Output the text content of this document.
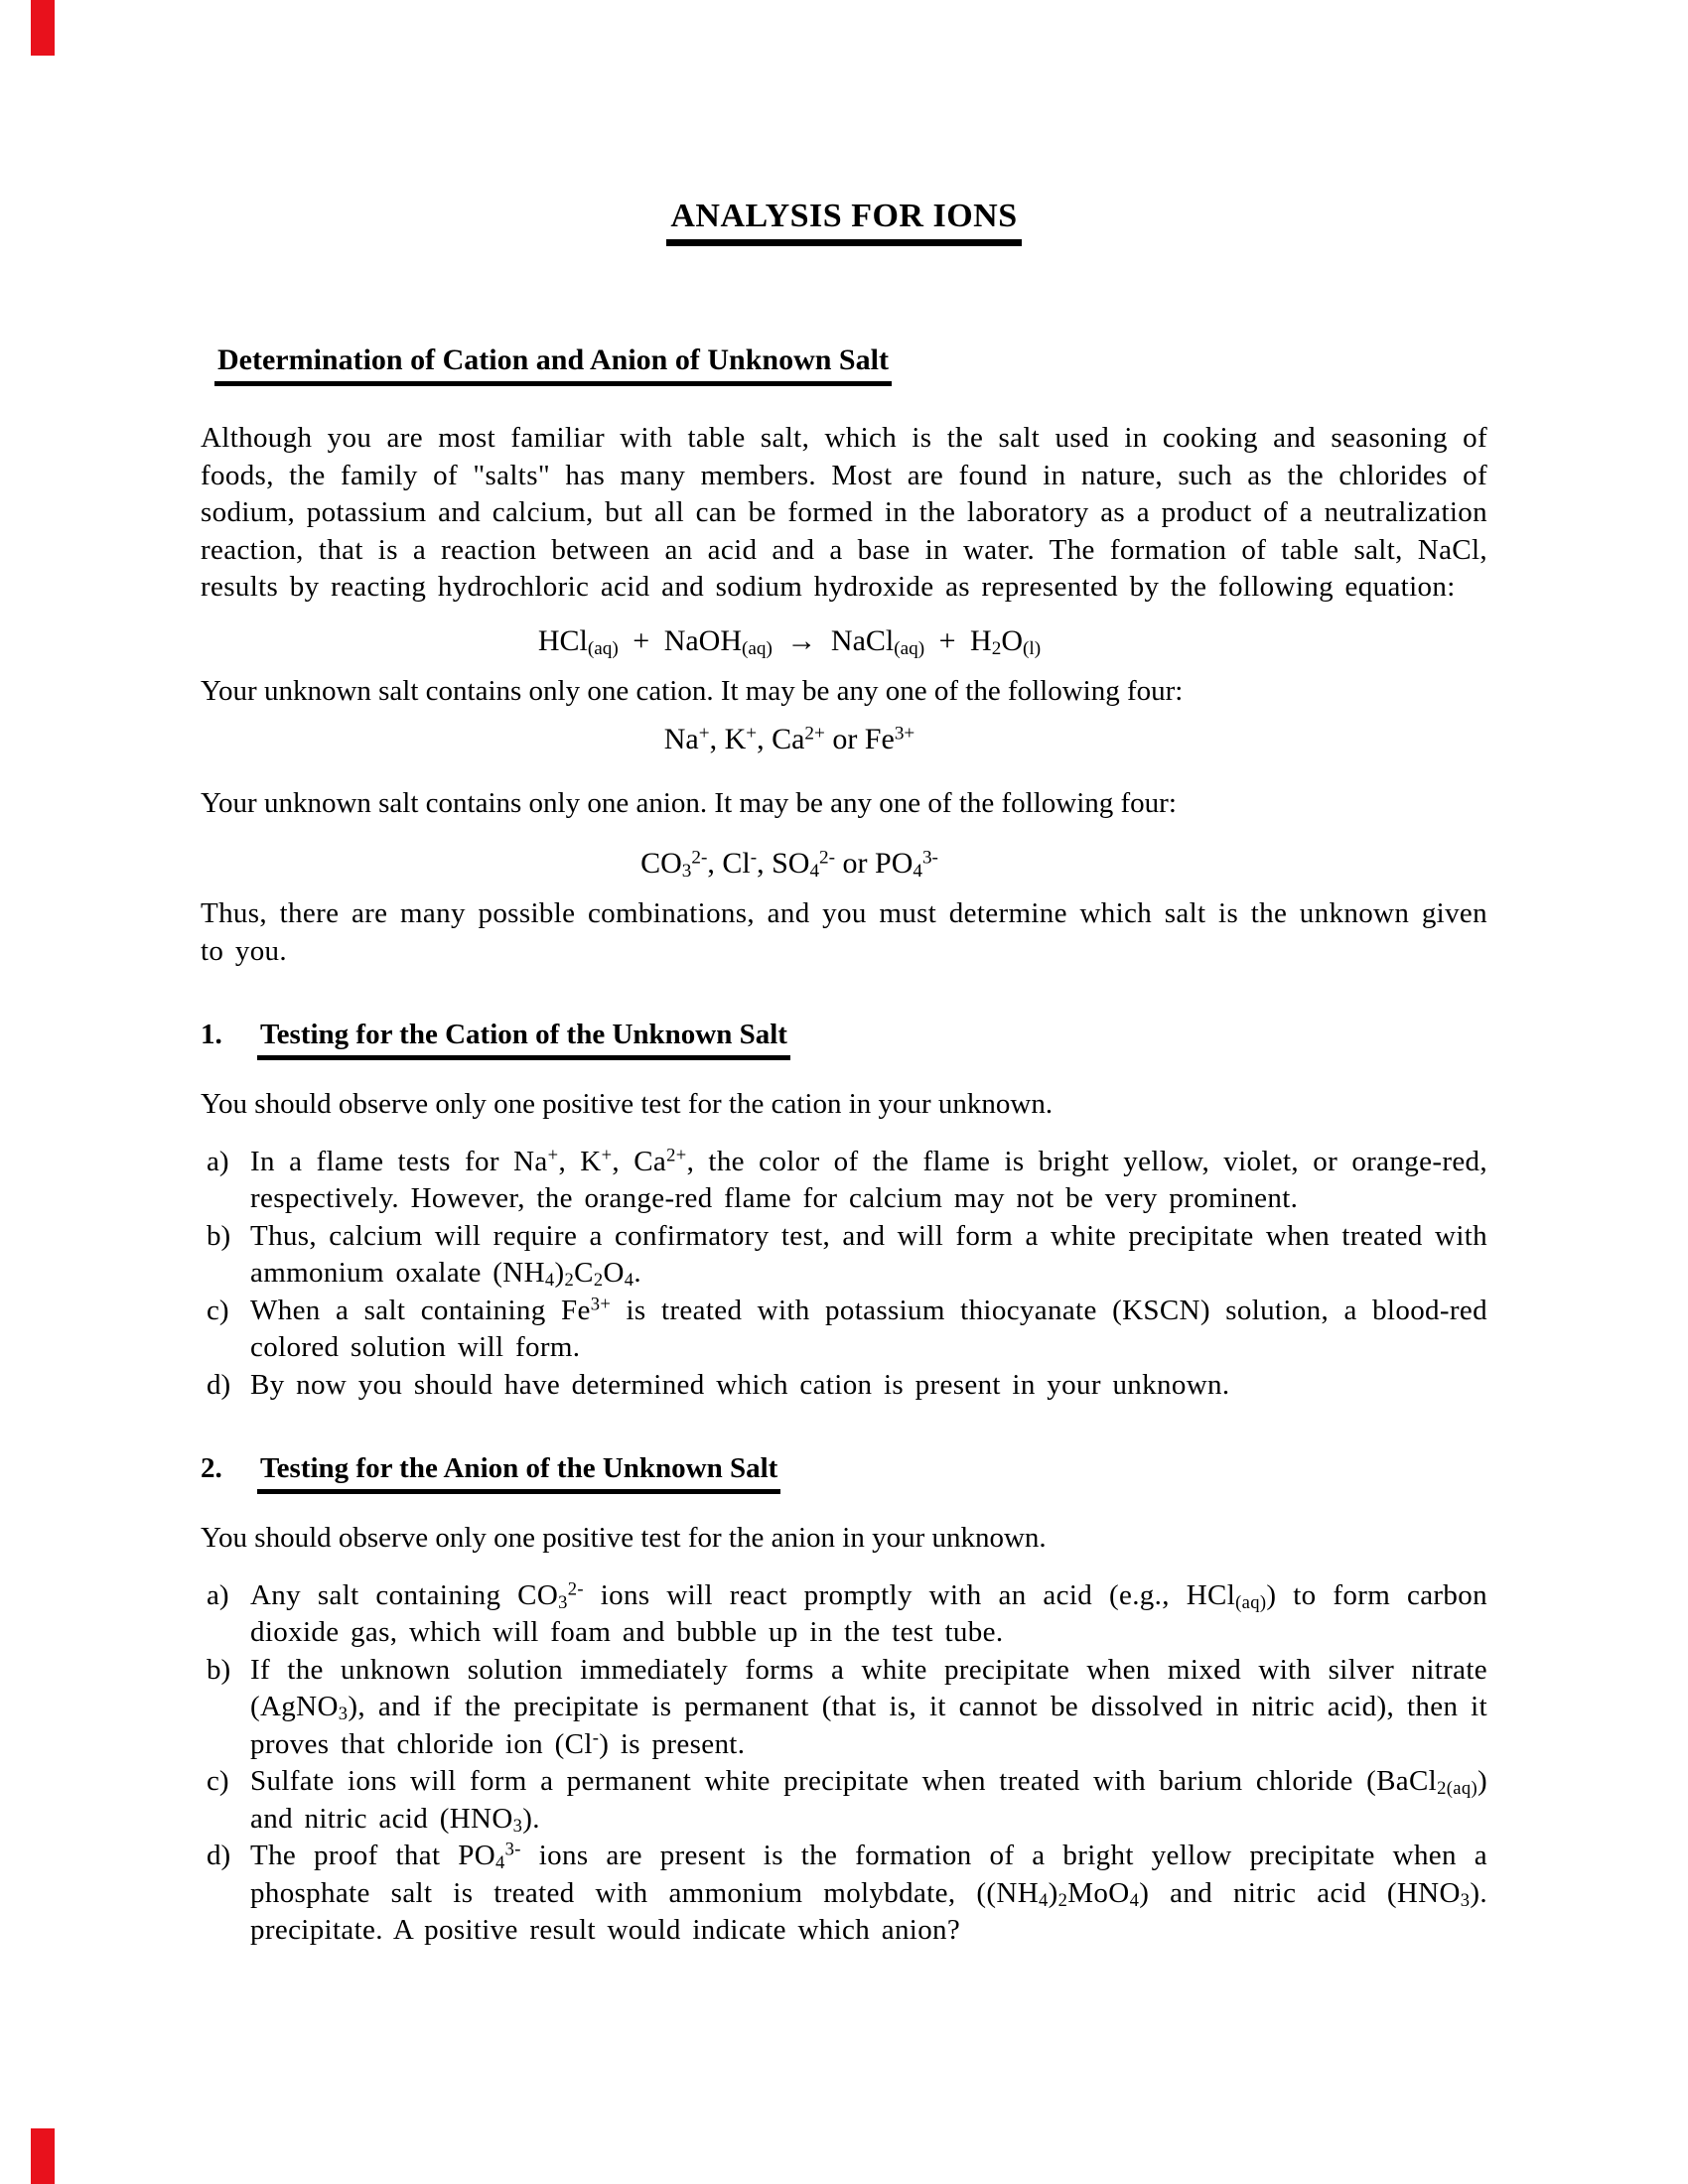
ANALYSIS FOR IONS
Determination of Cation and Anion of Unknown Salt

Although you are most familiar with table salt, which is the salt used in cooking and seasoning of foods, the family of "salts" has many members. Most are found in nature, such as the chlorides of sodium, potassium and calcium, but all can be formed in the laboratory as a product of a neutralization reaction, that is a reaction between an acid and a base in water. The formation of table salt, NaCl, results by reacting hydrochloric acid and sodium hydroxide as represented by the following equation:

HCl$_{(aq)}$ + NaOH$_{(aq)}$ → NaCl$_{(aq)}$ + $H_2O_{(l)}$

Your unknown salt contains only one cation. It may be any one of the following four:

Na+, K+, $Ca^{2+}$ or $Fe^{3+}$

Your unknown salt contains only one anion. It may be any one of the following four:

$CO_3^{2-}$, Cl-, $SO_4^{2-}$ or $PO_4^{3-}$

Thus, there are many possible combinations, and you must determine which salt is the unknown given to you.

1. Testing for the Cation of the Unknown Salt

You should observe only one positive test for the cation in your unknown.

a) In a flame tests for Na+, K+, $Ca^{2+}$, the color of the flame is bright yellow, violet, or orange-red, respectively. However, the orange-red flame for calcium may not be very prominent.
b) Thus, calcium will require a confirmatory test, and will form a white precipitate when treated with ammonium oxalate $(NH_4)_2C_2O_4$.
c) When a salt containing $Fe^{3+}$ is treated with potassium thiocyanate (KSCN) solution, a blood-red colored solution will form.
d) By now you should have determined which cation is present in your unknown.
2. Testing for the Anion of the Unknown Salt

You should observe only one positive test for the anion in your unknown.

a) Any salt containing $CO_3^{2-}$ ions will react promptly with an acid (e.g., HCl$_{(aq)}$) to form carbon dioxide gas, which will foam and bubble up in the test tube.
b) If the unknown solution immediately forms a white precipitate when mixed with silver nitrate (AgNO$_3$), and if the precipitate is permanent (that is, it cannot be dissolved in nitric acid), then it proves that chloride ion (Cl-) is present.
c) Sulfate ions will form a permanent white precipitate when treated with barium chloride (BaCl$_{2(aq)}$) and nitric acid $(HNO_3)$.
d) The proof that $PO_4^{3-}$ ions are present is the formation of a bright yellow precipitate when a phosphate salt is treated with ammonium molybdate, $((NH_4)_2MoO_4)$ and nitric acid $(HNO_3)$. precipitate. A positive result would indicate which anion?
